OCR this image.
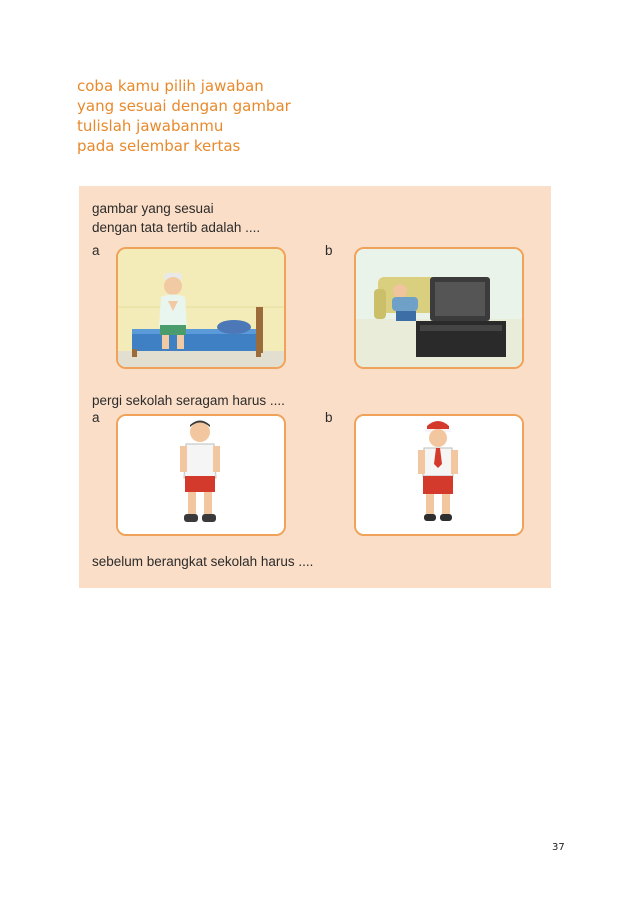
coba kamu pilih jawaban
yang sesuai dengan gambar
tulislah jawabanmu
pada selembar kertas
gambar yang sesuai
dengan tata tertib adalah ....
a	b
pergi sekolah seragam harus ....
a	b
sebelum berangkat sekolah harus ....
37
